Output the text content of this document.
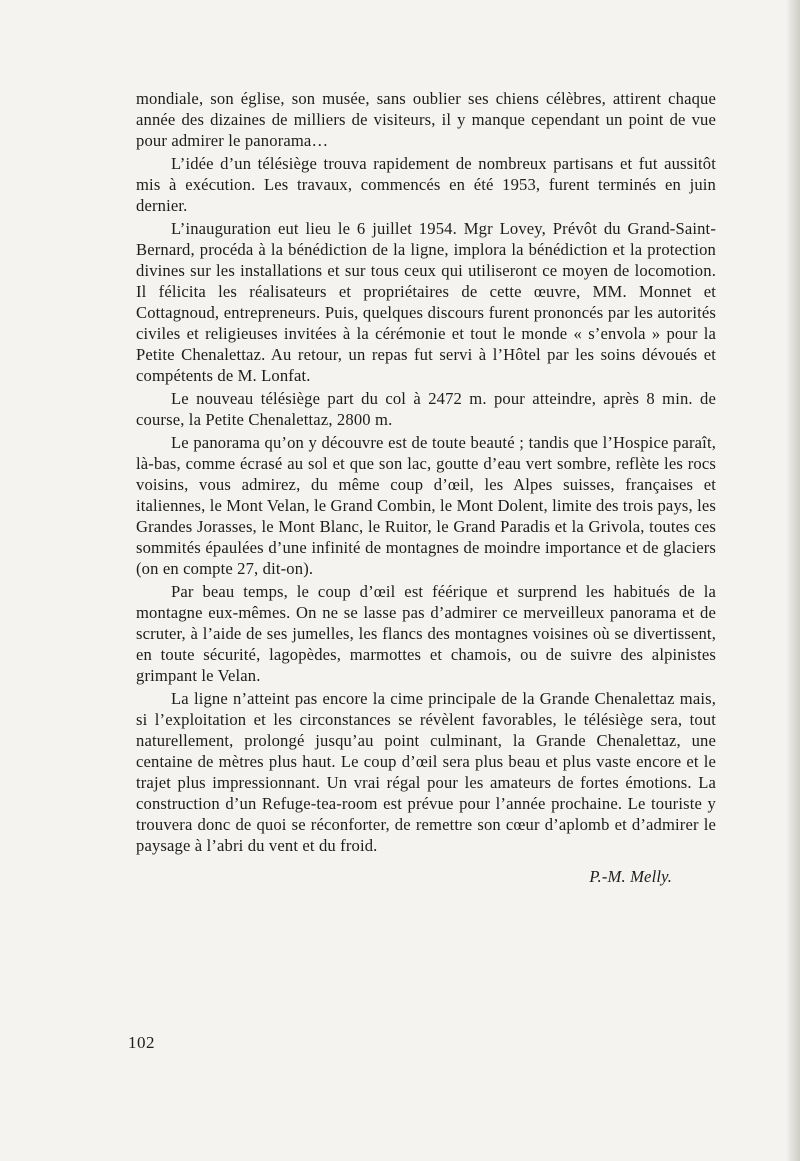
mondiale, son église, son musée, sans oublier ses chiens célèbres, attirent chaque année des dizaines de milliers de visiteurs, il y manque cependant un point de vue pour admirer le panorama…

L’idée d’un télésiège trouva rapidement de nombreux partisans et fut aussitôt mis à exécution. Les travaux, commencés en été 1953, furent terminés en juin dernier.

L’inauguration eut lieu le 6 juillet 1954. Mgr Lovey, Prévôt du Grand-Saint-Bernard, procéda à la bénédiction de la ligne, implora la bénédiction et la protection divines sur les installations et sur tous ceux qui utiliseront ce moyen de locomotion. Il félicita les réalisateurs et propriétaires de cette œuvre, MM. Monnet et Cottagnoud, entrepreneurs. Puis, quelques discours furent prononcés par les autorités civiles et religieuses invitées à la cérémonie et tout le monde « s’envola » pour la Petite Chenalettaz. Au retour, un repas fut servi à l’Hôtel par les soins dévoués et compétents de M. Lonfat.

Le nouveau télésiège part du col à 2472 m. pour atteindre, après 8 min. de course, la Petite Chenalettaz, 2800 m.

Le panorama qu’on y découvre est de toute beauté ; tandis que l’Hospice paraît, là-bas, comme écrasé au sol et que son lac, goutte d’eau vert sombre, reflète les rocs voisins, vous admirez, du même coup d’œil, les Alpes suisses, françaises et italiennes, le Mont Velan, le Grand Combin, le Mont Dolent, limite des trois pays, les Grandes Jorasses, le Mont Blanc, le Ruitor, le Grand Paradis et la Grivola, toutes ces sommités épaulées d’une infinité de montagnes de moindre importance et de glaciers (on en compte 27, dit-on).

Par beau temps, le coup d’œil est féérique et surprend les habitués de la montagne eux-mêmes. On ne se lasse pas d’admirer ce merveilleux panorama et de scruter, à l’aide de ses jumelles, les flancs des montagnes voisines où se divertissent, en toute sécurité, lagopèdes, marmottes et chamois, ou de suivre des alpinistes grimpant le Velan.

La ligne n’atteint pas encore la cime principale de la Grande Chenalettaz mais, si l’exploitation et les circonstances se révèlent favorables, le télésiège sera, tout naturellement, prolongé jusqu’au point culminant, la Grande Chenalettaz, une centaine de mètres plus haut. Le coup d’œil sera plus beau et plus vaste encore et le trajet plus impressionnant. Un vrai régal pour les amateurs de fortes émotions. La construction d’un Refuge-tea-room est prévue pour l’année prochaine. Le touriste y trouvera donc de quoi se réconforter, de remettre son cœur d’aplomb et d’admirer le paysage à l’abri du vent et du froid.

P.-M. Melly.
102
